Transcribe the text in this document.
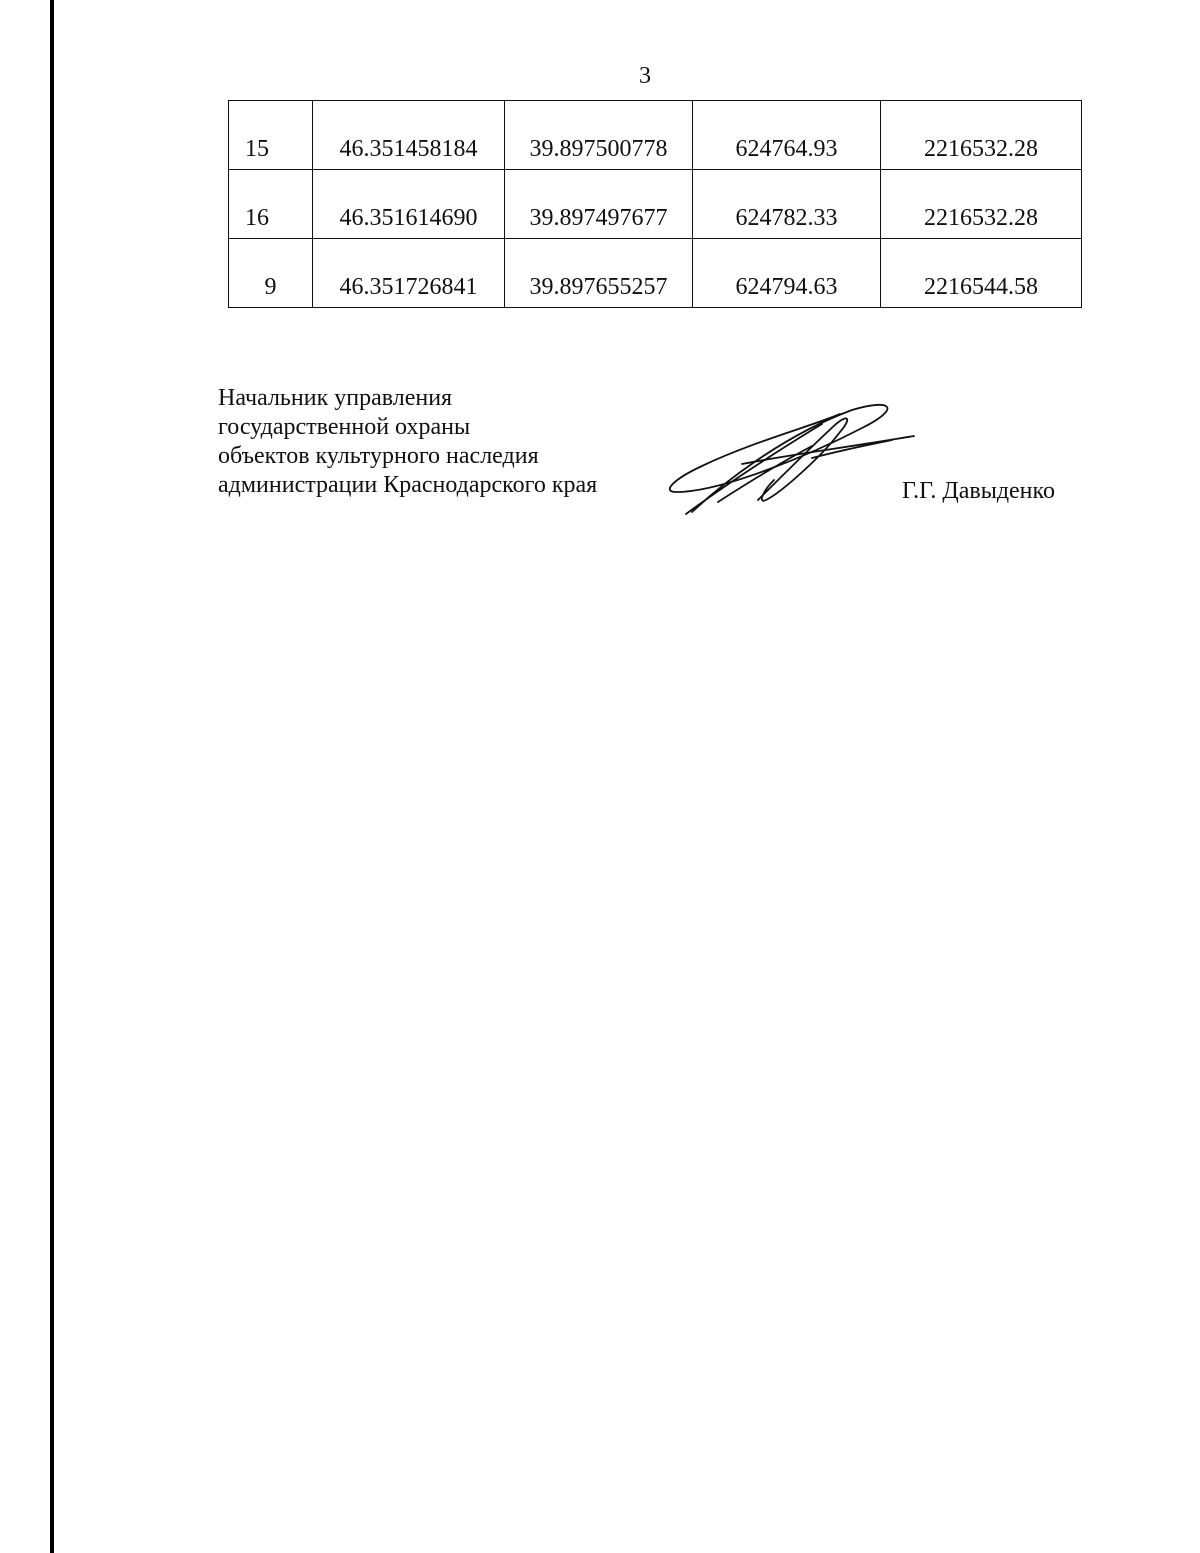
3
15	46.351458184	39.897500778	624764.93	2216532.28
16	46.351614690	39.897497677	624782.33	2216532.28
9	46.351726841	39.897655257	624794.63	2216544.58
Начальник управления
государственной охраны
объектов культурного наследия
администрации Краснодарского края	Г.Г. Давыденко
